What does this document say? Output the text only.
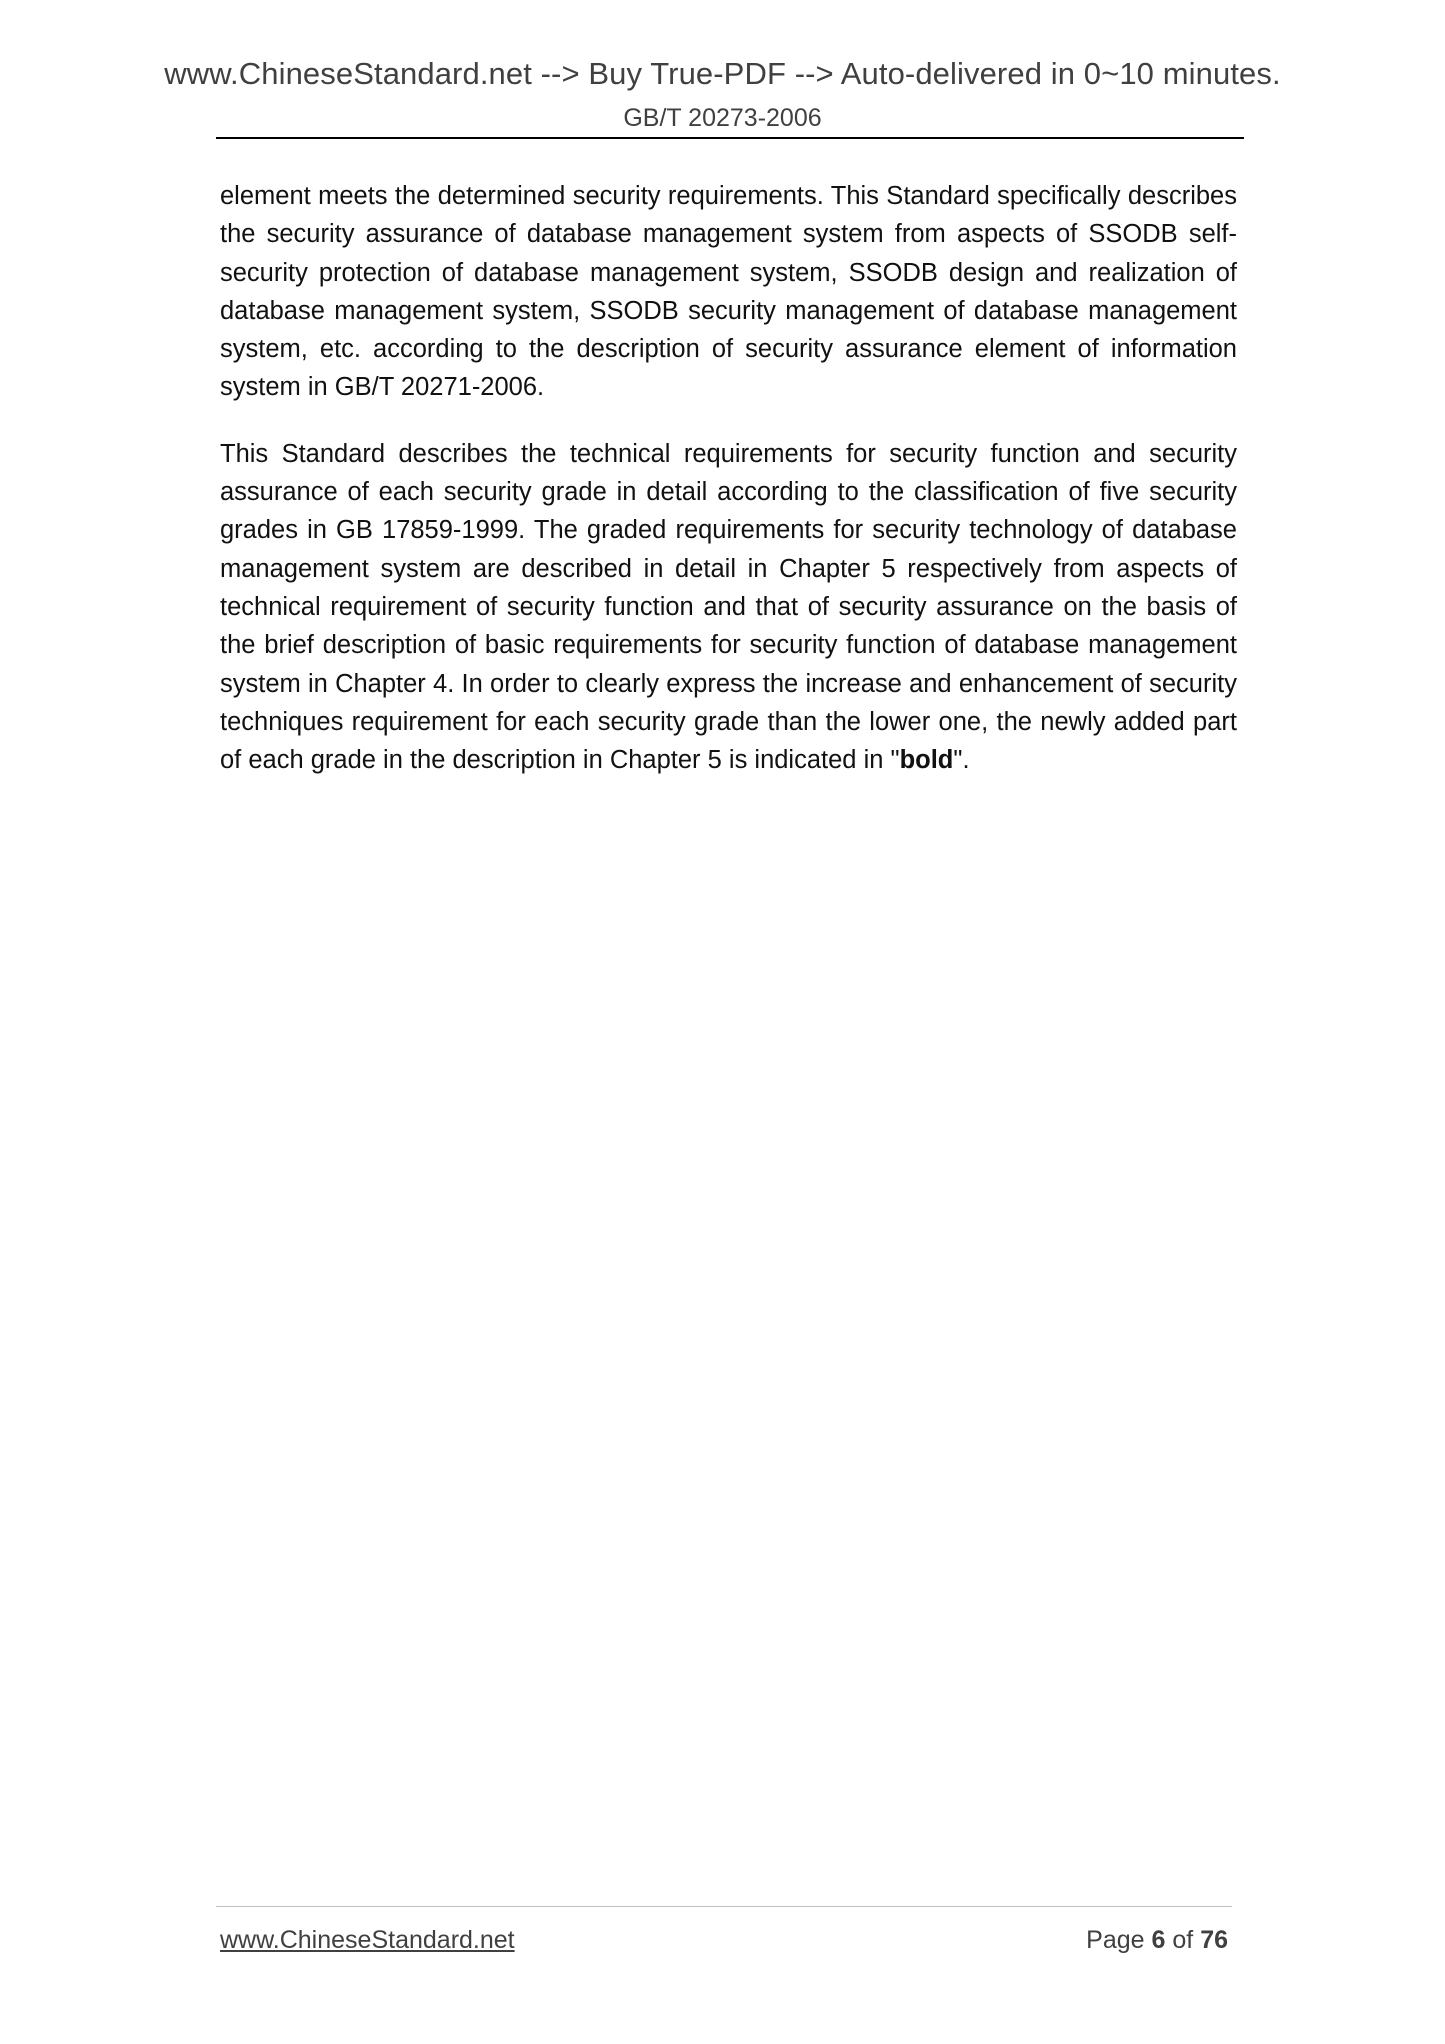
www.ChineseStandard.net --> Buy True-PDF --> Auto-delivered in 0~10 minutes.
GB/T 20273-2006

element meets the determined security requirements. This Standard specifically describes the security assurance of database management system from aspects of SSODB self-security protection of database management system, SSODB design and realization of database management system, SSODB security management of database management system, etc. according to the description of security assurance element of information system in GB/T 20271-2006.

This Standard describes the technical requirements for security function and security assurance of each security grade in detail according to the classification of five security grades in GB 17859-1999. The graded requirements for security technology of database management system are described in detail in Chapter 5 respectively from aspects of technical requirement of security function and that of security assurance on the basis of the brief description of basic requirements for security function of database management system in Chapter 4. In order to clearly express the increase and enhancement of security techniques requirement for each security grade than the lower one, the newly added part of each grade in the description in Chapter 5 is indicated in "bold".

www.ChineseStandard.net	Page 6 of 76
